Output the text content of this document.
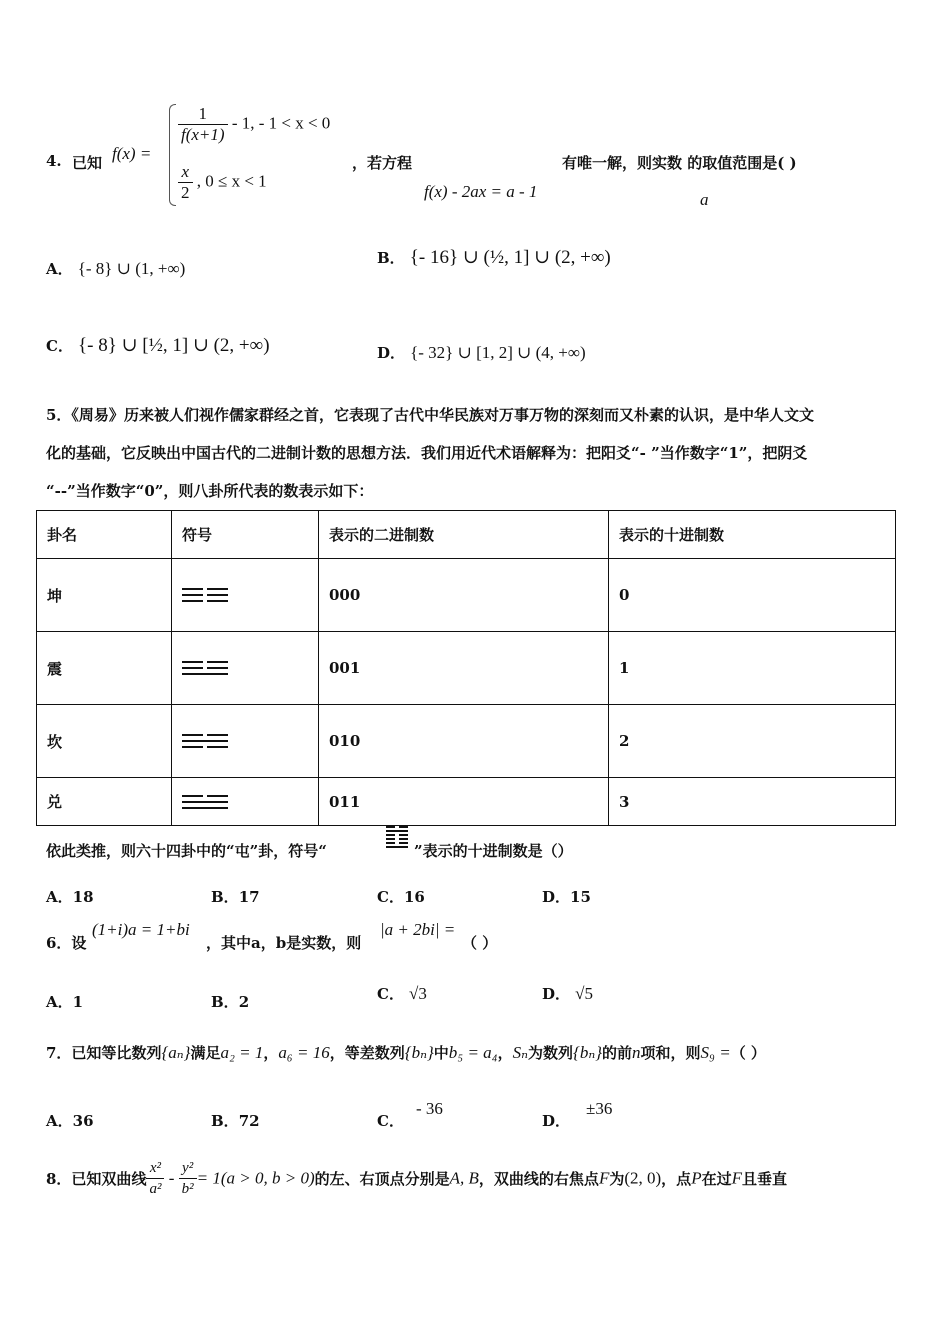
4. 已知 f(x) =
$\frac{1}{f(x+1)} - 1$, - 1 < x < 0
$\frac{x}{2}$ , 0 ≤ x < 1
，若方程
f(x) - 2ax = a - 1
有唯一解，则实数 的取值范围是( )
a
A． {- 8} ∪ (1, +∞)
B． {- 16} ∪ (½, 1] ∪ (2, +∞)
C． {- 8} ∪ [½, 1] ∪ (2, +∞)	D． {- 32} ∪ [1, 2] ∪ (4, +∞)
5．《周易》历来被人们视作儒家群经之首，它表现了古代中华民族对万事万物的深刻而又朴素的认识，是中华人文文
化的基础，它反映出中国古代的二进制计数的思想方法．我们用近代术语解释为：把阳爻“- ”当作数字“1”，把阴爻
“--”当作数字“0”，则八卦所代表的数表示如下：
卦名	符号	表示的二进制数	表示的十进制数
坤		000	0
震		001	1
坎		010	2
兑		011	3
依此类推，则六十四卦中的“屯”卦，符号“	”表示的十进制数是（）
A．18	B．17	C．16	D．15
6．设
(1+i)a = 1+bi
，其中a，b是实数，则
|a + 2bi| =
（ ）
A．1	B．2	C． √3	D． √5
7．已知等比数列{aₙ}满足a₂ = 1，a₆ = 16，等差数列{bₙ}中b₅ = a₄，Sₙ为数列{bₙ}的前n项和，则S₉ =（ ）
A．36	B．72	C．- 36
D．±36
8．已知双曲线 $\frac{\text{x²}}{\text{a²}} - \frac{\text{y²}}{\text{b²}} = 1(a > 0$, b > 0)的左、右顶点分别是A, B，双曲线的右焦点F为(2, 0)，点P在过F且垂直
